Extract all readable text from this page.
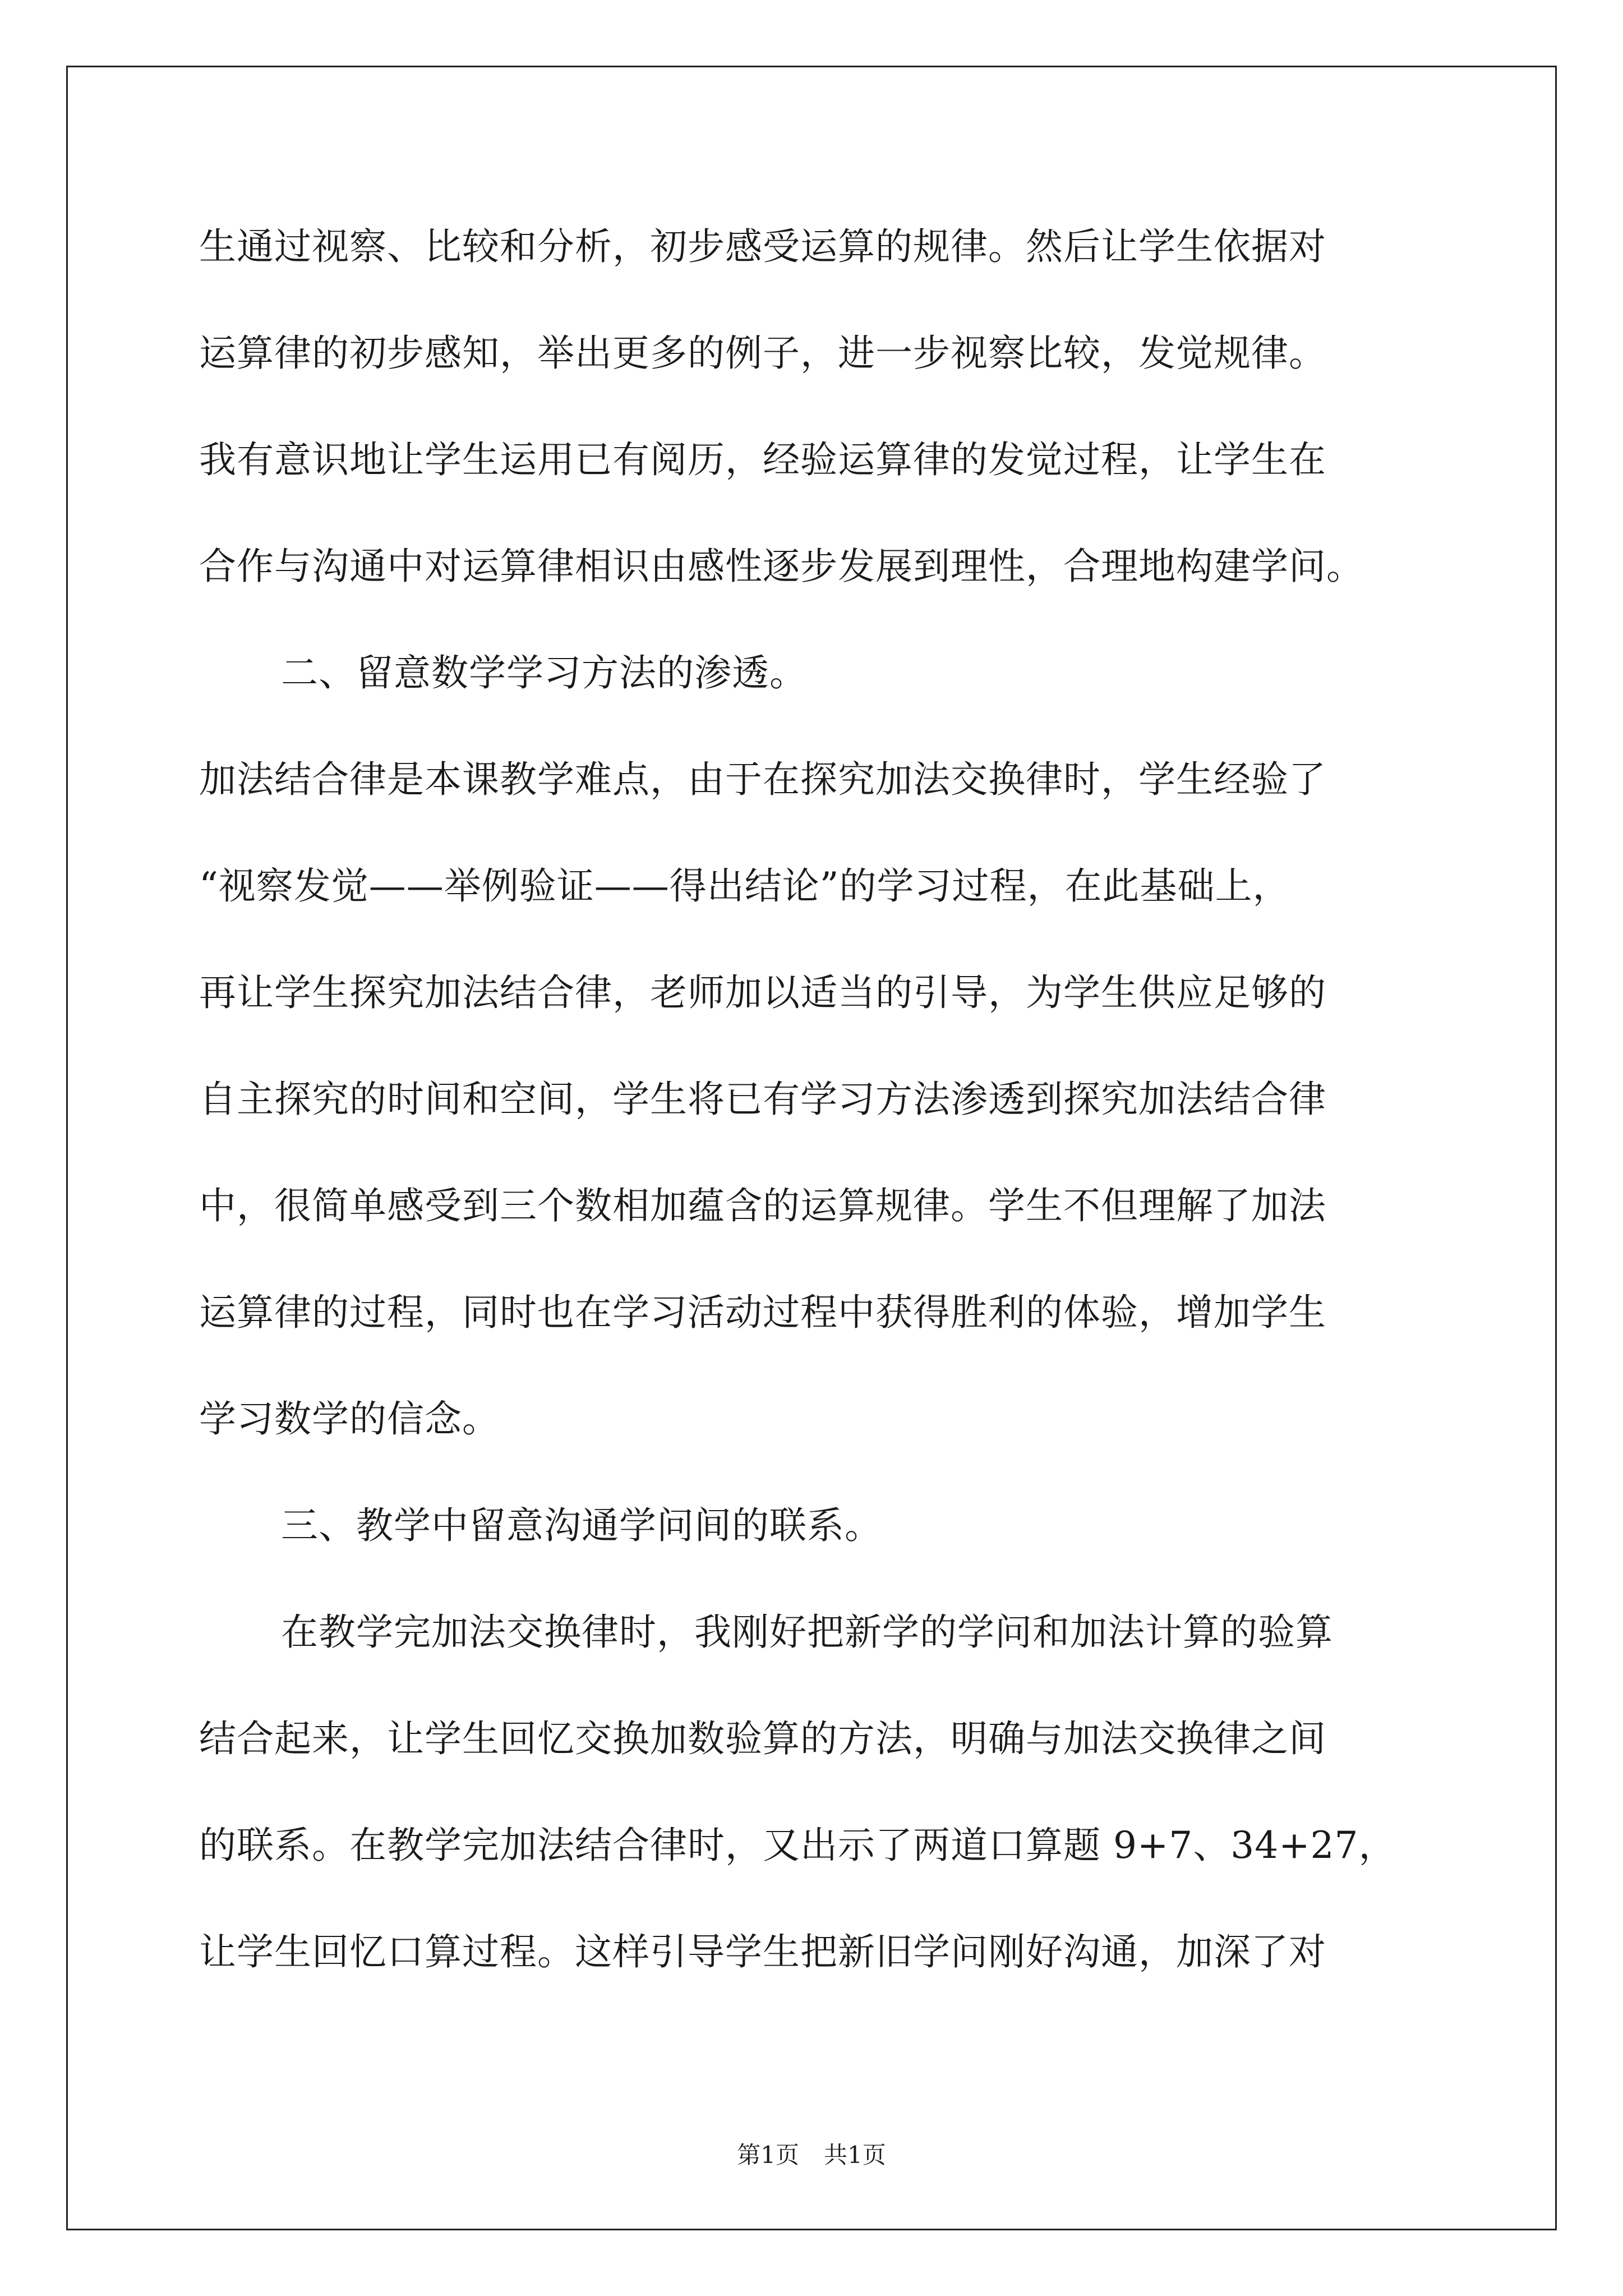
生通过视察、比较和分析，初步感受运算的规律。然后让学生依据对
运算律的初步感知，举出更多的例子，进一步视察比较，发觉规律。
我有意识地让学生运用已有阅历，经验运算律的发觉过程，让学生在
合作与沟通中对运算律相识由感性逐步发展到理性，合理地构建学问。
二、留意数学学习方法的渗透。
加法结合律是本课教学难点，由于在探究加法交换律时，学生经验了
“视察发觉——举例验证——得出结论”的学习过程，在此基础上，
再让学生探究加法结合律，老师加以适当的引导，为学生供应足够的
自主探究的时间和空间，学生将已有学习方法渗透到探究加法结合律
中，很简单感受到三个数相加蕴含的运算规律。学生不但理解了加法
运算律的过程，同时也在学习活动过程中获得胜利的体验，增加学生
学习数学的信念。
三、教学中留意沟通学问间的联系。
在教学完加法交换律时，我刚好把新学的学问和加法计算的验算
结合起来，让学生回忆交换加数验算的方法，明确与加法交换律之间
的联系。在教学完加法结合律时，又出示了两道口算题 9+7、34+27，
让学生回忆口算过程。这样引导学生把新旧学问刚好沟通，加深了对
第1页 共1页
